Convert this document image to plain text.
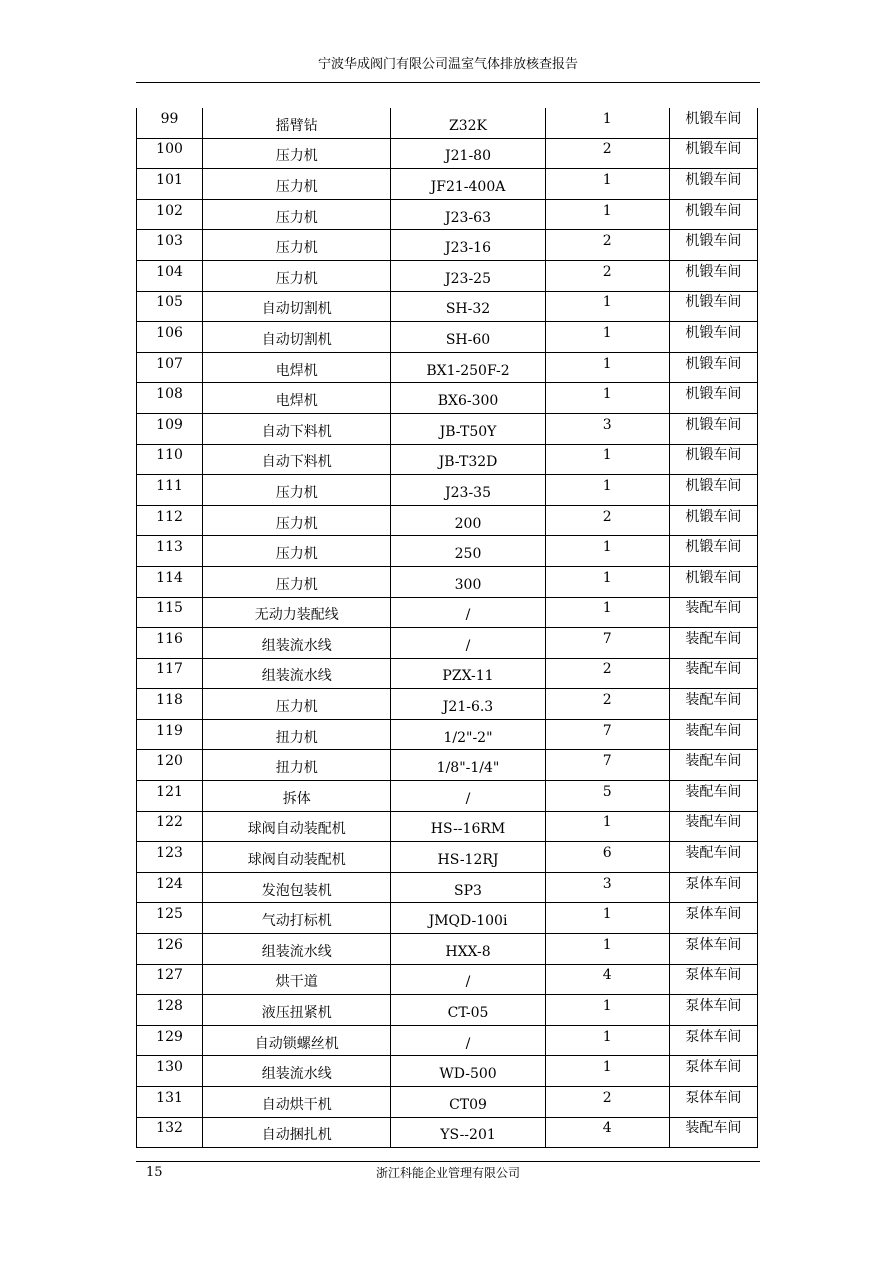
宁波华成阀门有限公司温室气体排放核查报告
99	摇臂钻	Z32K	1	机锻车间
100	压力机	J21-80	2	机锻车间
101	压力机	JF21-400A	1	机锻车间
102	压力机	J23-63	1	机锻车间
103	压力机	J23-16	2	机锻车间
104	压力机	J23-25	2	机锻车间
105	自动切割机	SH-32	1	机锻车间
106	自动切割机	SH-60	1	机锻车间
107	电焊机	BX1-250F-2	1	机锻车间
108	电焊机	BX6-300	1	机锻车间
109	自动下料机	JB-T50Y	3	机锻车间
110	自动下料机	JB-T32D	1	机锻车间
111	压力机	J23-35	1	机锻车间
112	压力机	200	2	机锻车间
113	压力机	250	1	机锻车间
114	压力机	300	1	机锻车间
115	无动力装配线	/	1	装配车间
116	组装流水线	/	7	装配车间
117	组装流水线	PZX-11	2	装配车间
118	压力机	J21-6.3	2	装配车间
119	扭力机	1/2"-2"	7	装配车间
120	扭力机	1/8"-1/4"	7	装配车间
121	拆体	/	5	装配车间
122	球阀自动装配机	HS--16RM	1	装配车间
123	球阀自动装配机	HS-12RJ	6	装配车间
124	发泡包装机	SP3	3	泵体车间
125	气动打标机	JMQD-100i	1	泵体车间
126	组装流水线	HXX-8	1	泵体车间
127	烘干道	/	4	泵体车间
128	液压扭紧机	CT-05	1	泵体车间
129	自动锁螺丝机	/	1	泵体车间
130	组装流水线	WD-500	1	泵体车间
131	自动烘干机	CT09	2	泵体车间
132	自动捆扎机	YS--201	4	装配车间
15	浙江科能企业管理有限公司
